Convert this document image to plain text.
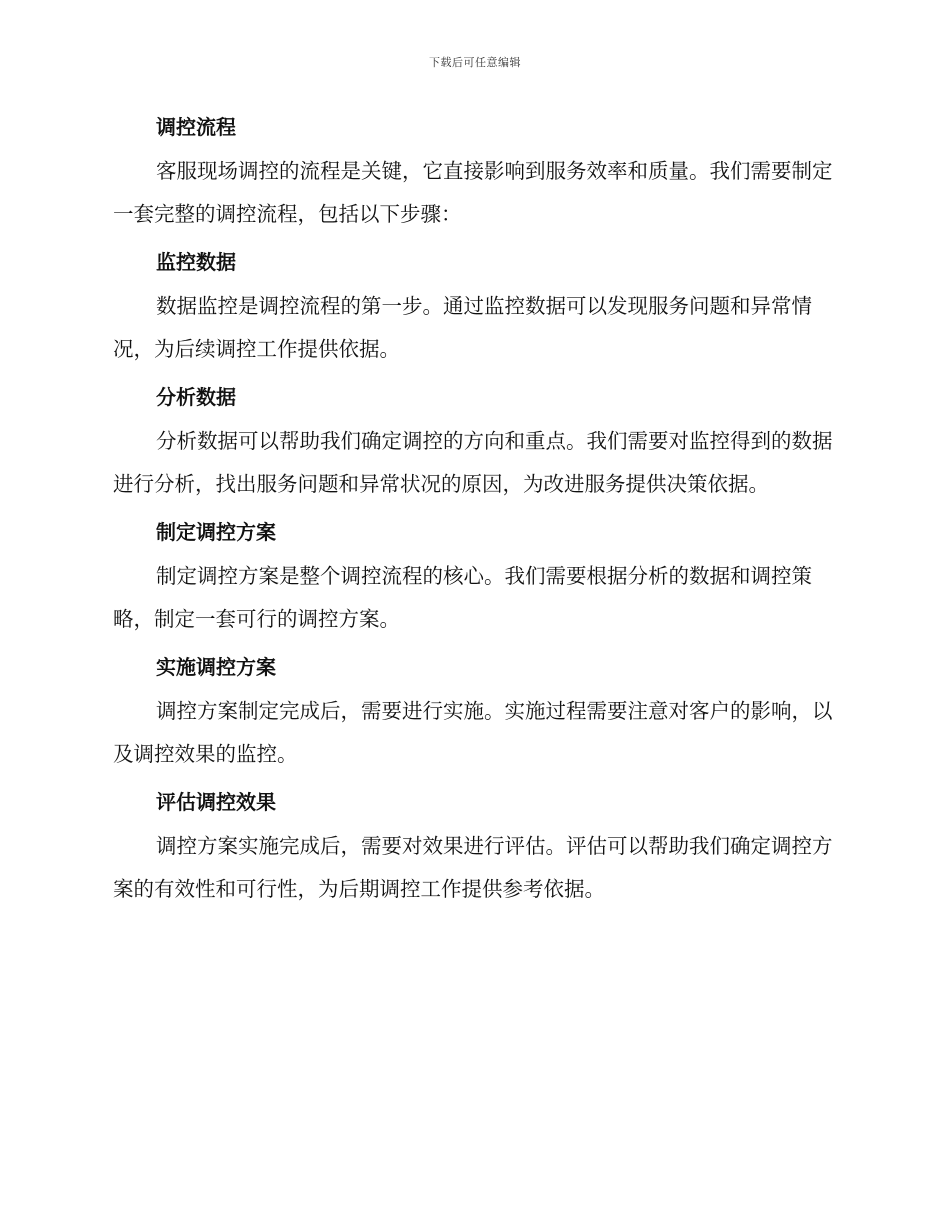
下载后可任意编辑
调控流程

客服现场调控的流程是关键，它直接影响到服务效率和质量。我们需要制定一套完整的调控流程，包括以下步骤：

监控数据

数据监控是调控流程的第一步。通过监控数据可以发现服务问题和异常情况，为后续调控工作提供依据。

分析数据

分析数据可以帮助我们确定调控的方向和重点。我们需要对监控得到的数据进行分析，找出服务问题和异常状况的原因，为改进服务提供决策依据。

制定调控方案

制定调控方案是整个调控流程的核心。我们需要根据分析的数据和调控策略，制定一套可行的调控方案。

实施调控方案

调控方案制定完成后，需要进行实施。实施过程需要注意对客户的影响，以及调控效果的监控。

评估调控效果

调控方案实施完成后，需要对效果进行评估。评估可以帮助我们确定调控方案的有效性和可行性，为后期调控工作提供参考依据。
